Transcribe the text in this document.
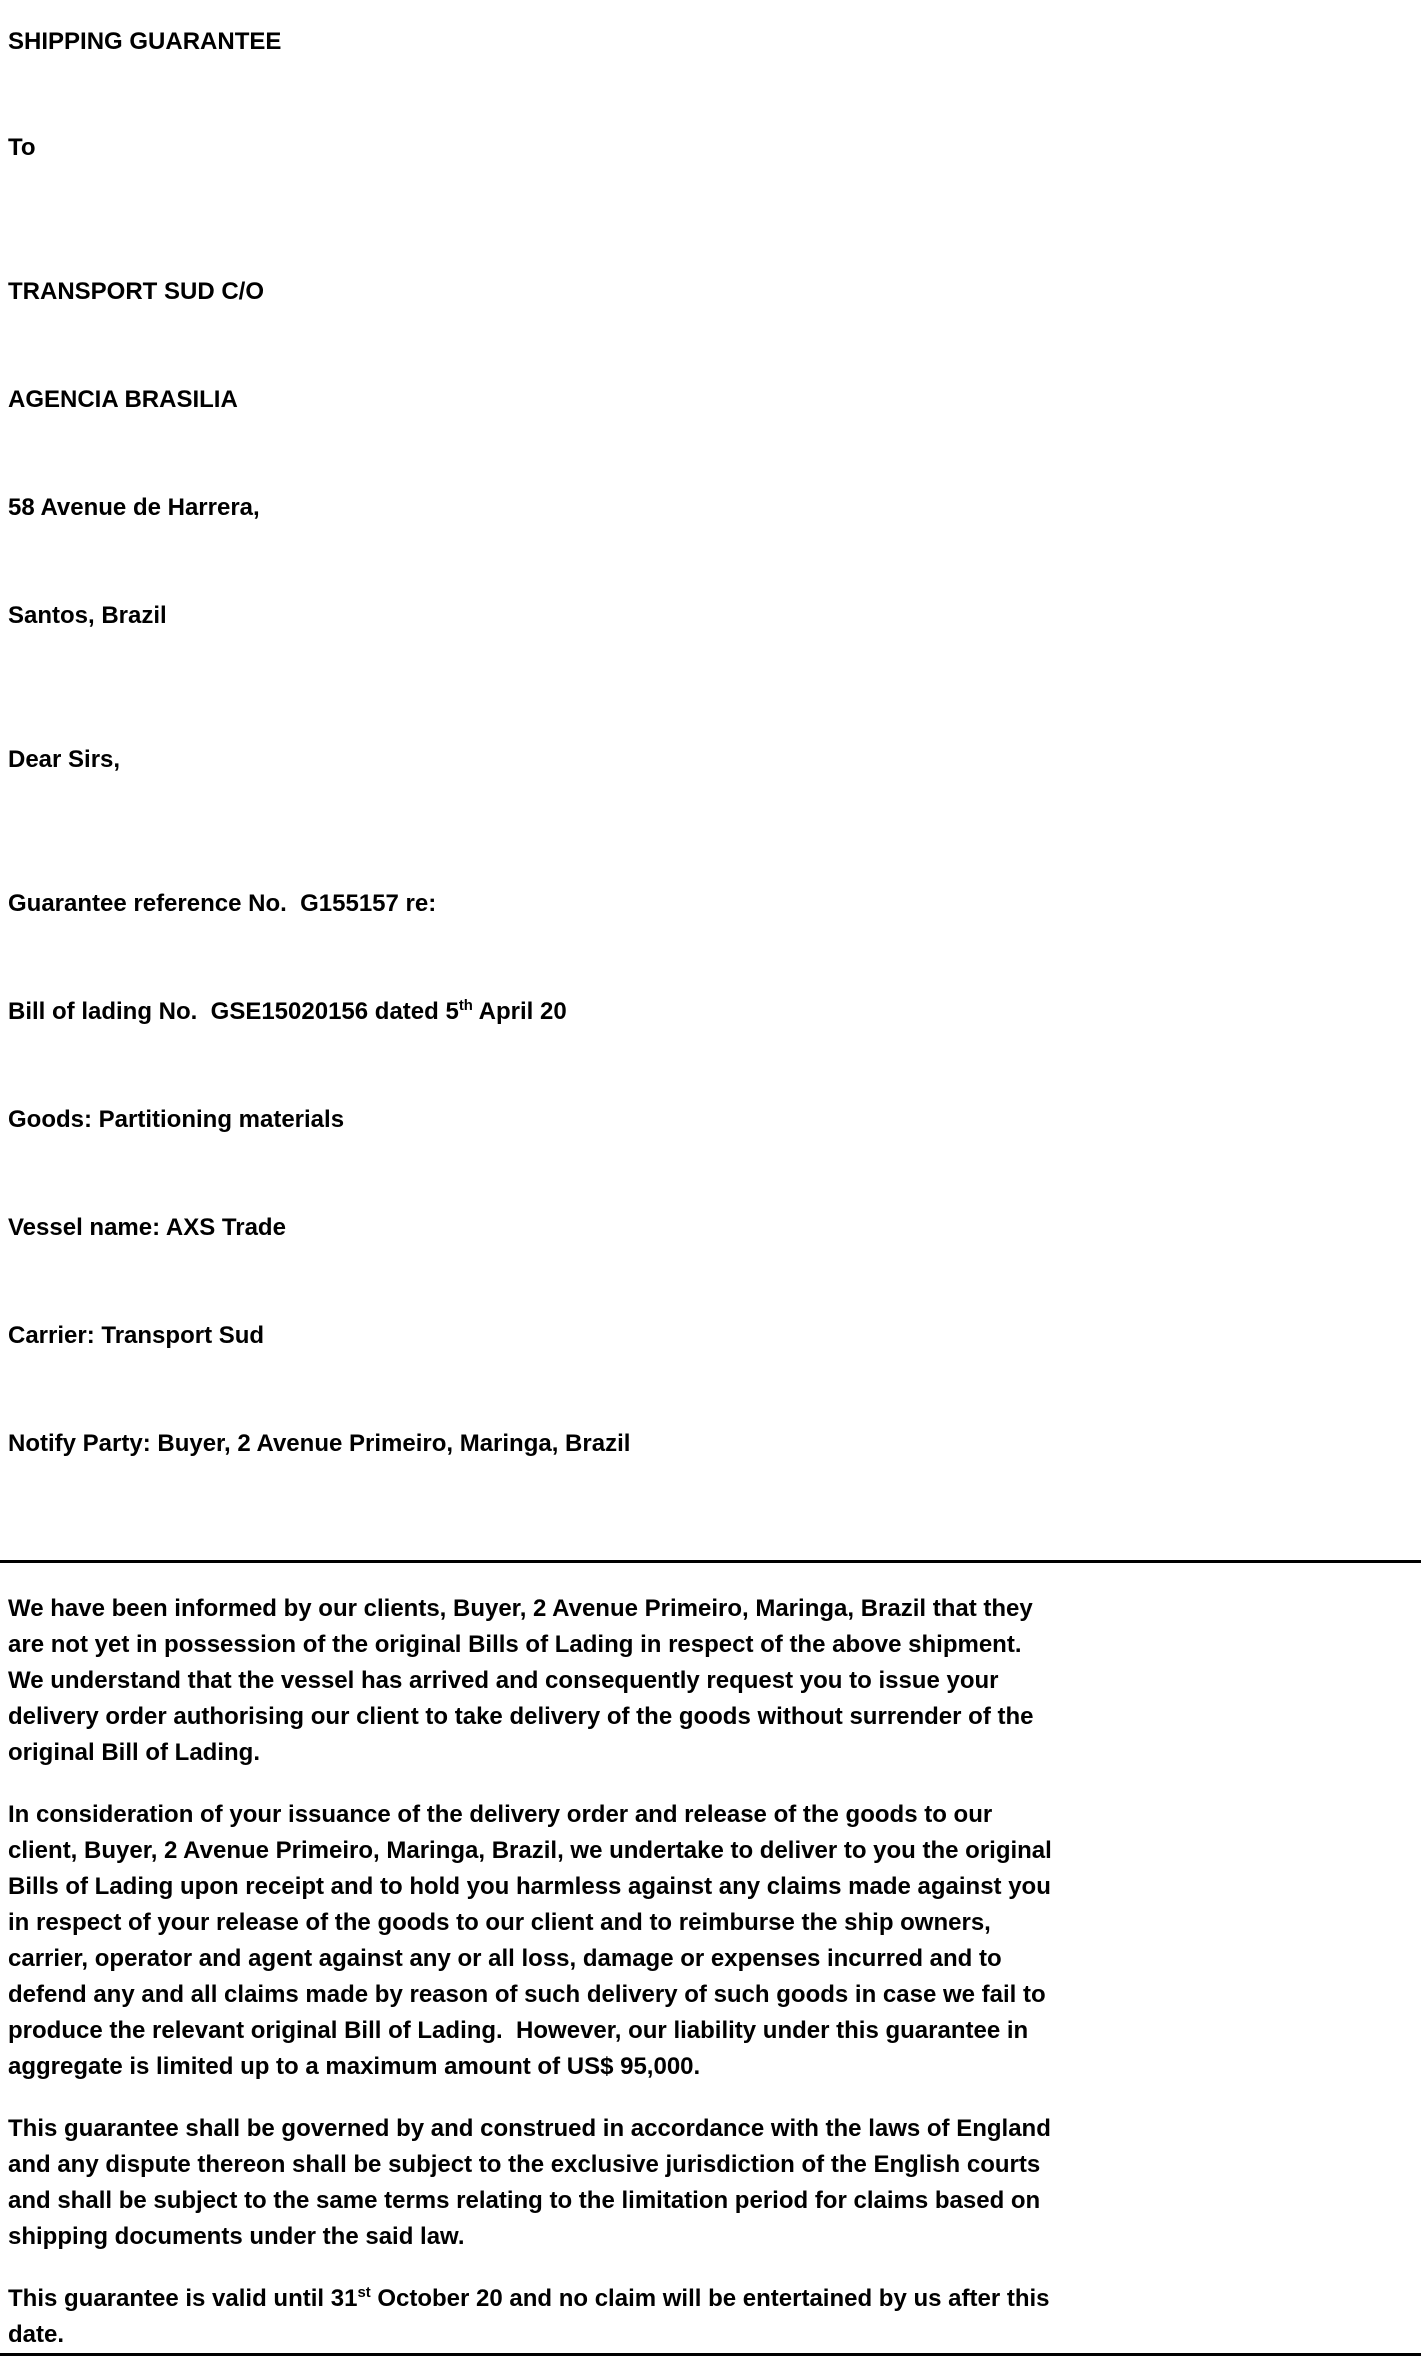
SHIPPING GUARANTEE
To

TRANSPORT SUD C/O

AGENCIA BRASILIA

58 Avenue de Harrera,

Santos, Brazil

Dear Sirs,

Guarantee reference No.  G155157 re:

Bill of lading No.  GSE15020156 dated 5th April 20

Goods: Partitioning materials

Vessel name: AXS Trade

Carrier: Transport Sud

Notify Party: Buyer, 2 Avenue Primeiro, Maringa, Brazil

We have been informed by our clients, Buyer, 2 Avenue Primeiro, Maringa, Brazil that they are not yet in possession of the original Bills of Lading in respect of the above shipment.  We understand that the vessel has arrived and consequently request you to issue your delivery order authorising our client to take delivery of the goods without surrender of the original Bill of Lading.

In consideration of your issuance of the delivery order and release of the goods to our client, Buyer, 2 Avenue Primeiro, Maringa, Brazil, we undertake to deliver to you the original Bills of Lading upon receipt and to hold you harmless against any claims made against you in respect of your release of the goods to our client and to reimburse the ship owners, carrier, operator and agent against any or all loss, damage or expenses incurred and to defend any and all claims made by reason of such delivery of such goods in case we fail to produce the relevant original Bill of Lading.  However, our liability under this guarantee in aggregate is limited up to a maximum amount of US$ 95,000.

This guarantee shall be governed by and construed in accordance with the laws of England and any dispute thereon shall be subject to the exclusive jurisdiction of the English courts and shall be subject to the same terms relating to the limitation period for claims based on shipping documents under the said law.

This guarantee is valid until 31st October 20 and no claim will be entertained by us after this date.
